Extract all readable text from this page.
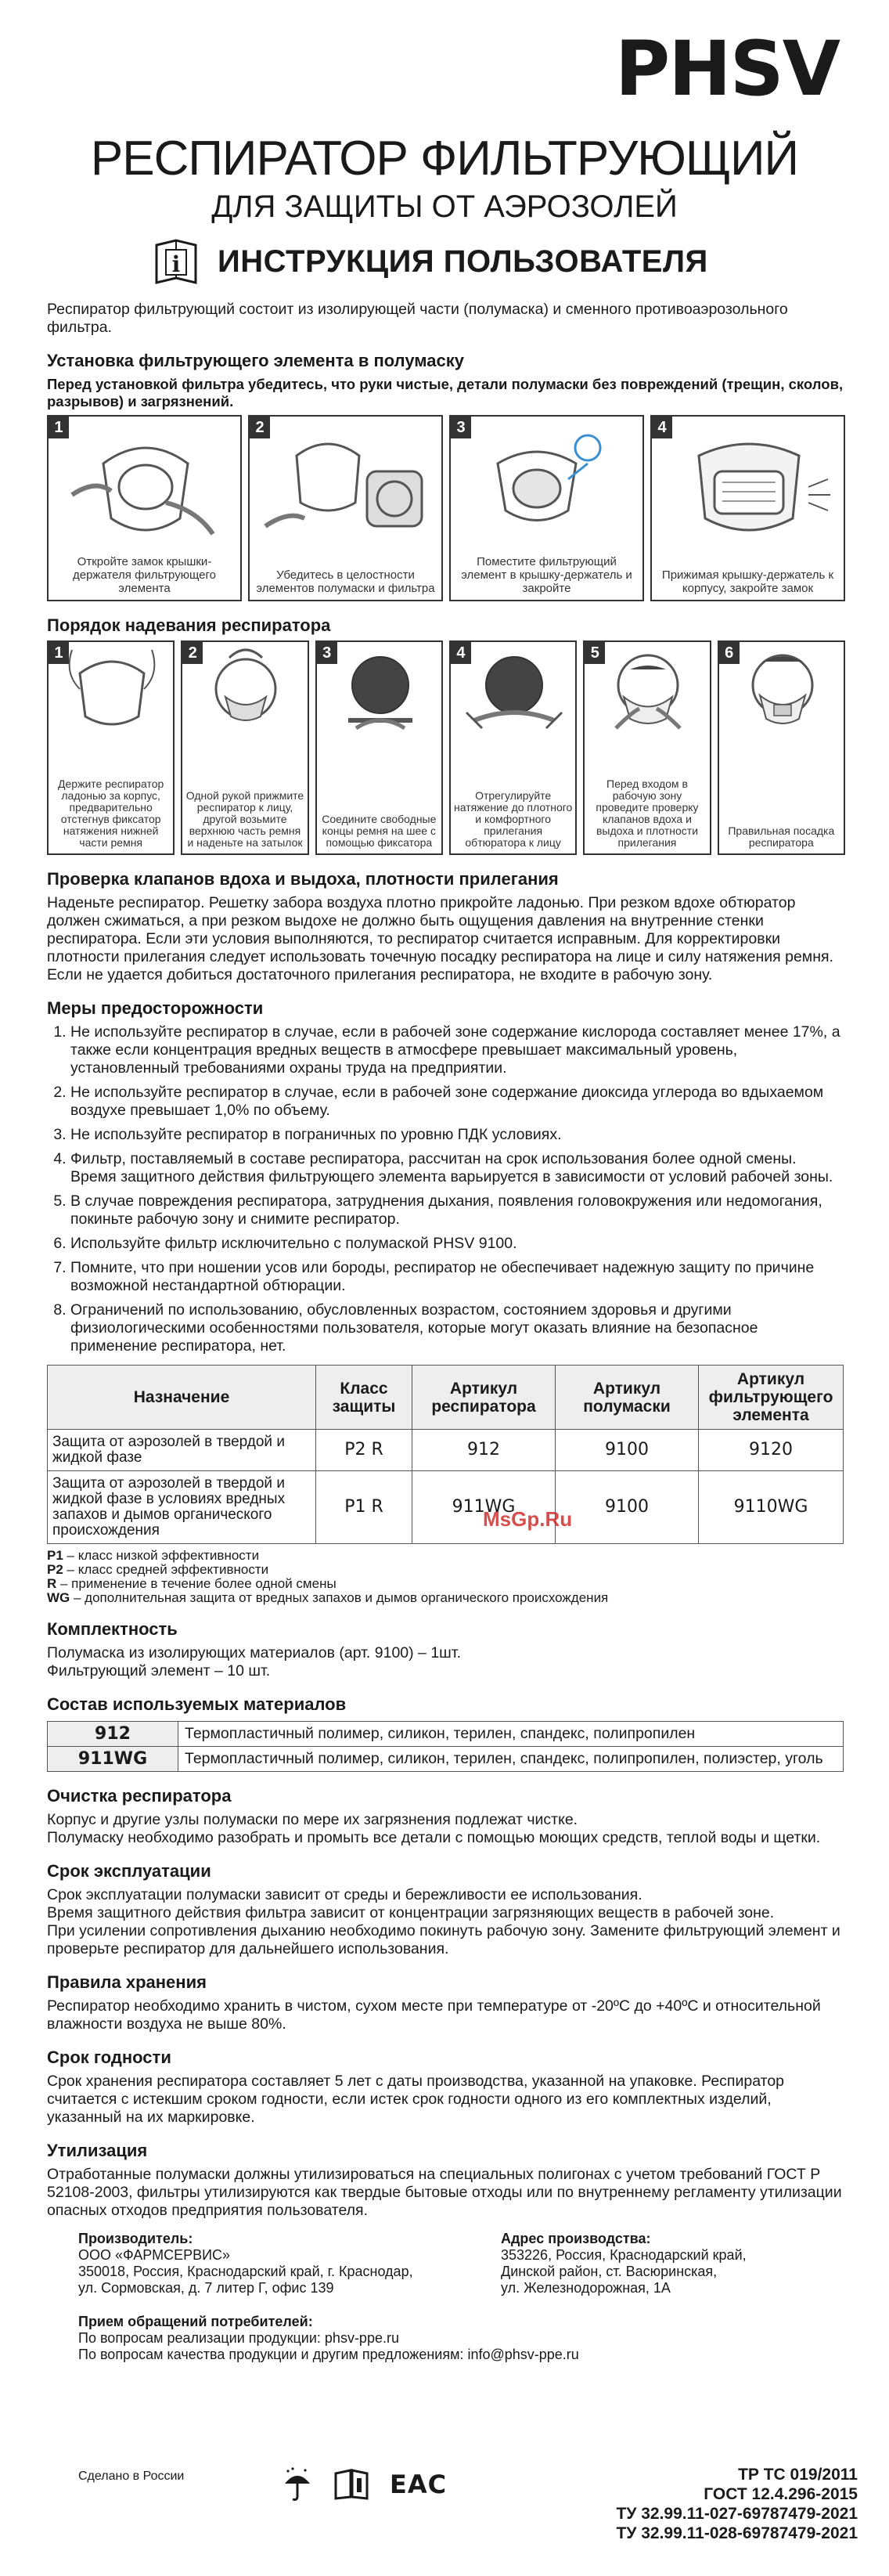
PHSV
РЕСПИРАТОР ФИЛЬТРУЮЩИЙ
ДЛЯ ЗАЩИТЫ ОТ АЭРОЗОЛЕЙ
i ИНСТРУКЦИЯ ПОЛЬЗОВАТЕЛЯ

Респиратор фильтрующий состоит из изолирующей части (полумаска) и сменного противоаэрозольного фильтра.

Установка фильтрующего элемента в полумаску

Перед установкой фильтра убедитесь, что руки чистые, детали полумаски без повреждений (трещин, сколов, разрывов) и загрязнений.

1
Откройте замок крышки-держателя фильтрующего элемента
2
Убедитесь в целостности элементов полумаски и фильтра
3
Поместите фильтрующий элемент в крышку-держатель и закройте
4
Прижимая крышку-держатель к корпусу, закройте замок
Порядок надевания респиратора
1
Держите респиратор ладонью за корпус, предварительно отстегнув фиксатор натяжения нижней части ремня
2
Одной рукой прижмите респиратор к лицу, другой возьмите верхнюю часть ремня и наденьте на затылок
3
Соедините свободные концы ремня на шее с помощью фиксатора
4
Отрегулируйте натяжение до плотного и комфортного прилегания обтюратора к лицу
5
Перед входом в рабочую зону проведите проверку клапанов вдоха и выдоха и плотности прилегания
6
Правильная посадка респиратора
Проверка клапанов вдоха и выдоха, плотности прилегания

Наденьте респиратор. Решетку забора воздуха плотно прикройте ладонью. При резком вдохе обтюратор должен сжиматься, а при резком выдохе не должно быть ощущения давления на внутренние стенки респиратора. Если эти условия выполняются, то респиратор считается исправным. Для корректировки плотности прилегания следует использовать точечную посадку респиратора на лице и силу натяжения ремня.
Если не удается добиться достаточного прилегания респиратора, не входите в рабочую зону.

Меры предосторожности
1. Не используйте респиратор в случае, если в рабочей зоне содержание кислорода составляет менее 17%, а также если концентрация вредных веществ в атмосфере превышает максимальный уровень, установленный требованиями охраны труда на предприятии.
2. Не используйте респиратор в случае, если в рабочей зоне содержание диоксида углерода во вдыхаемом воздухе превышает 1,0% по объему.
3. Не используйте респиратор в пограничных по уровню ПДК условиях.
4. Фильтр, поставляемый в составе респиратора, рассчитан на срок использования более одной смены. Время защитного действия фильтрующего элемента варьируется в зависимости от условий рабочей зоны.
5. В случае повреждения респиратора, затруднения дыхания, появления головокружения или недомогания, покиньте рабочую зону и снимите респиратор.
6. Используйте фильтр исключительно с полумаской PHSV 9100.
7. Помните, что при ношении усов или бороды, респиратор не обеспечивает надежную защиту по причине возможной нестандартной обтюрации.
8. Ограничений по использованию, обусловленных возрастом, состоянием здоровья и другими физиологическими особенностями пользователя, которые могут оказать влияние на безопасное применение респиратора, нет.
Назначение	Класс защиты	Артикул респиратора	Артикул полумаски	Артикул фильтрующего элемента
Защита от аэрозолей в твердой и жидкой фазе	P2 R	912	9100	9120
Защита от аэрозолей в твердой и жидкой фазе в условиях вредных запахов и дымов органического происхождения	P1 R	911WG	9100	9110WG
P1 – класс низкой эффективности
P2 – класс средней эффективности
R – применение в течение более одной смены
WG – дополнительная защита от вредных запахов и дымов органического происхождения
Комплектность

Полумаска из изолирующих материалов (арт. 9100) – 1шт.

Фильтрующий элемент – 10 шт.

Состав используемых материалов
912	Термопластичный полимер, силикон, терилен, спандекс, полипропилен
911WG	Термопластичный полимер, силикон, терилен, спандекс, полипропилен, полиэстер, уголь
Очистка респиратора

Корпус и другие узлы полумаски по мере их загрязнения подлежат чистке.
Полумаску необходимо разобрать и промыть все детали с помощью моющих средств, теплой воды и щетки.

Срок эксплуатации

Срок эксплуатации полумаски зависит от среды и бережливости ее использования.
Время защитного действия фильтра зависит от концентрации загрязняющих веществ в рабочей зоне.
При усилении сопротивления дыханию необходимо покинуть рабочую зону. Замените фильтрующий элемент и проверьте респиратор для дальнейшего использования.

Правила хранения

Респиратор необходимо хранить в чистом, сухом месте при температуре от -20ºС до +40ºС и относительной влажности воздуха не выше 80%.

Срок годности

Срок хранения респиратора составляет 5 лет с даты производства, указанной на упаковке. Респиратор считается с истекшим сроком годности, если истек срок годности одного из его комплектных изделий, указанный на их маркировке.

Утилизация

Отработанные полумаски должны утилизироваться на специальных полигонах с учетом требований ГОСТ Р 52108-2003, фильтры утилизируются как твердые бытовые отходы или по внутреннему регламенту утилизации опасных отходов предприятия пользователя.

Производитель:
ООО «ФАРМСЕРВИС»
350018, Россия, Краснодарский край, г. Краснодар,
ул. Сормовская, д. 7 литер Г, офис 139
Адрес производства:
353226, Россия, Краснодарский край,
Динской район, ст. Васюринская,
ул. Железнодорожная, 1А
Прием обращений потребителей:
По вопросам реализации продукции: phsv-ppe.ru
По вопросам качества продукции и другим предложениям: info@phsv-ppe.ru
MsGp.Ru
Сделано в России	EAC	ТР ТС 019/2011
ГОСТ 12.4.296-2015
ТУ 32.99.11-027-69787479-2021
ТУ 32.99.11-028-69787479-2021
